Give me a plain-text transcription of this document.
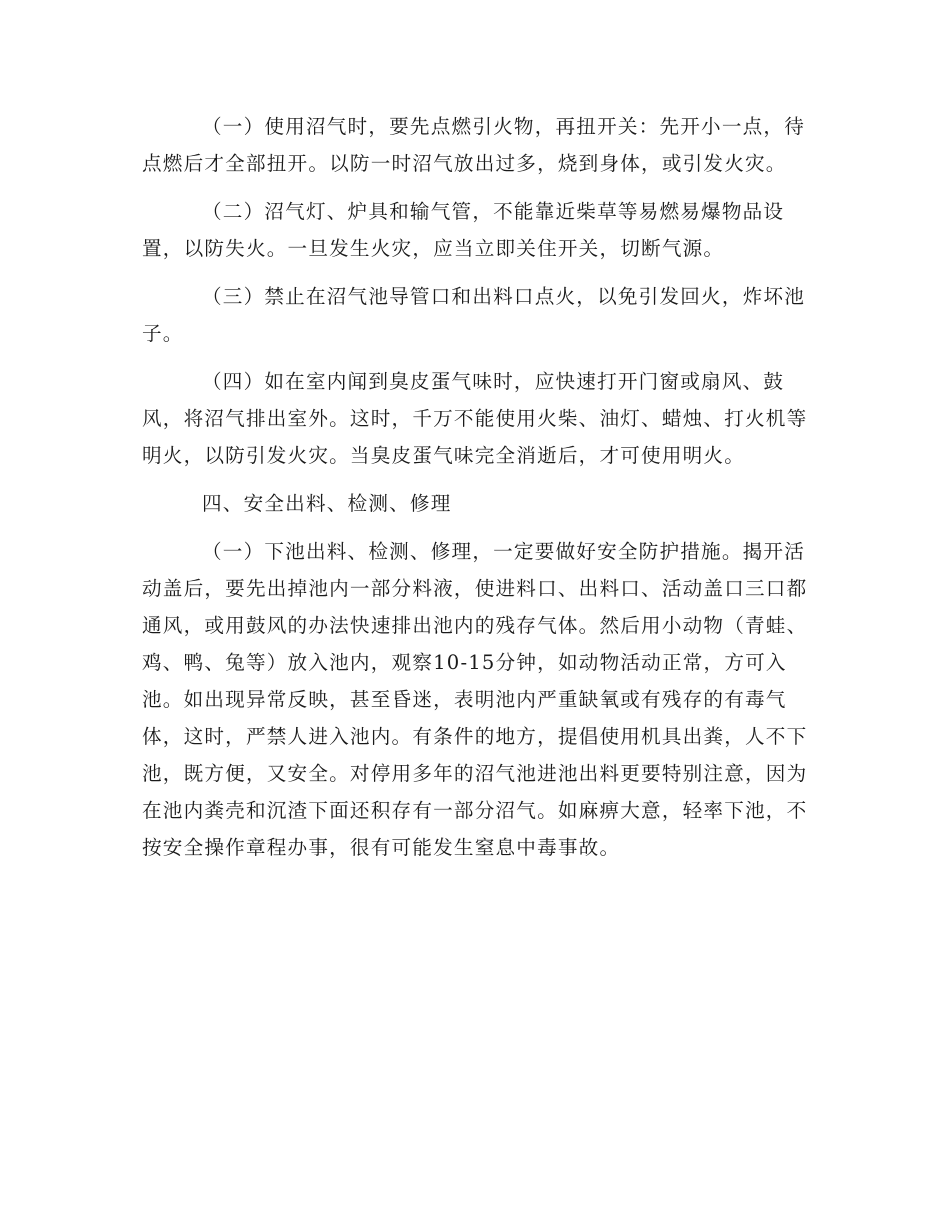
（一）使用沼气时，要先点燃引火物，再扭开关：先开小一点，待点燃后才全部扭开。以防一时沼气放出过多，烧到身体，或引发火灾。

（二）沼气灯、炉具和输气管，不能靠近柴草等易燃易爆物品设置，以防失火。一旦发生火灾，应当立即关住开关，切断气源。

（三）禁止在沼气池导管口和出料口点火，以免引发回火，炸坏池子。

（四）如在室内闻到臭皮蛋气味时，应快速打开门窗或扇风、鼓风，将沼气排出室外。这时，千万不能使用火柴、油灯、蜡烛、打火机等明火，以防引发火灾。当臭皮蛋气味完全消逝后，才可使用明火。

四、安全出料、检测、修理

（一）下池出料、检测、修理，一定要做好安全防护措施。揭开活动盖后，要先出掉池内一部分料液，使进料口、出料口、活动盖口三口都通风，或用鼓风的办法快速排出池内的残存气体。然后用小动物（青蛙、鸡、鸭、兔等）放入池内，观察10-15分钟，如动物活动正常，方可入池。如出现异常反映，甚至昏迷，表明池内严重缺氧或有残存的有毒气体，这时，严禁人进入池内。有条件的地方，提倡使用机具出粪，人不下池，既方便，又安全。对停用多年的沼气池进池出料更要特别注意，因为在池内粪壳和沉渣下面还积存有一部分沼气。如麻痹大意，轻率下池，不按安全操作章程办事，很有可能发生窒息中毒事故。
